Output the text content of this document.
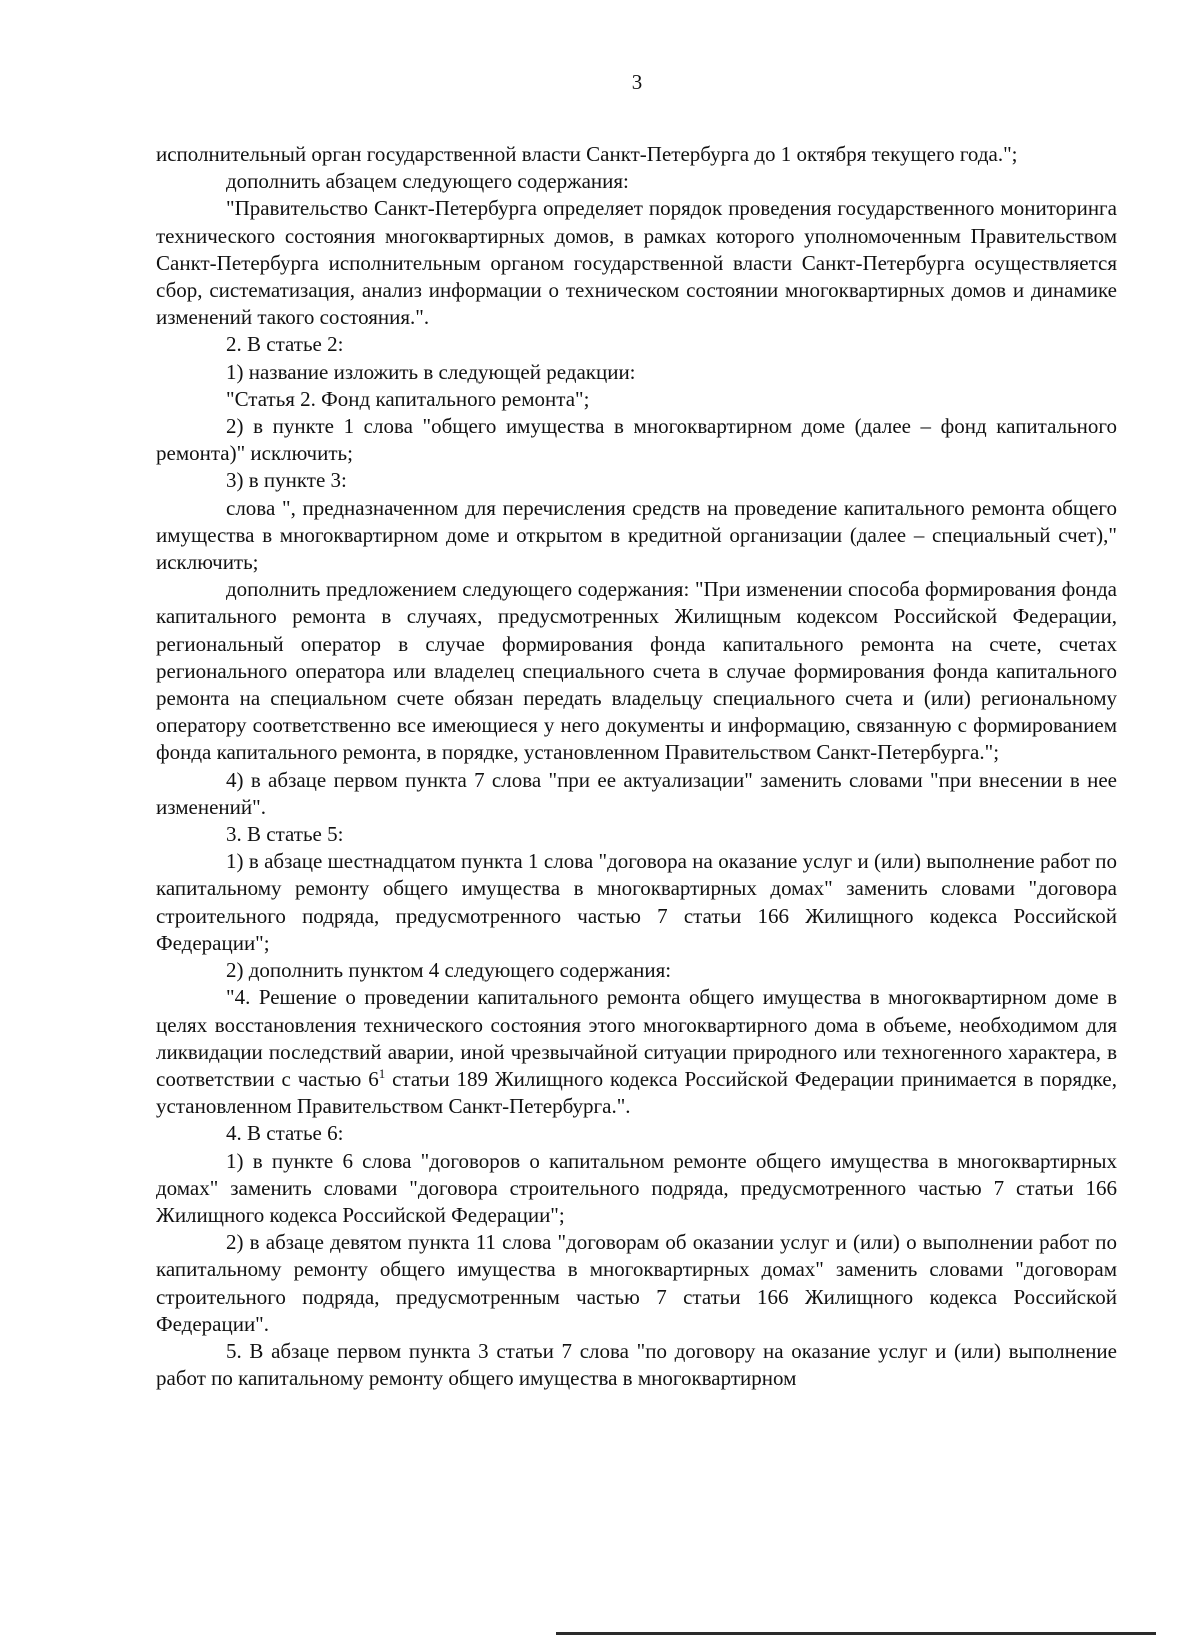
3

исполнительный орган государственной власти Санкт-Петербурга до 1 октября текущего года.";

дополнить абзацем следующего содержания:

"Правительство Санкт-Петербурга определяет порядок проведения государственного мониторинга технического состояния многоквартирных домов, в рамках которого уполномоченным Правительством Санкт-Петербурга исполнительным органом государственной власти Санкт-Петербурга осуществляется сбор, систематизация, анализ информации о техническом состоянии многоквартирных домов и динамике изменений такого состояния.".

2. В статье 2:

1) название изложить в следующей редакции:

"Статья 2. Фонд капитального ремонта";

2) в пункте 1 слова "общего имущества в многоквартирном доме (далее – фонд капитального ремонта)" исключить;

3) в пункте 3:

слова ", предназначенном для перечисления средств на проведение капитального ремонта общего имущества в многоквартирном доме и открытом в кредитной организации (далее – специальный счет)," исключить;

дополнить предложением следующего содержания: "При изменении способа формирования фонда капитального ремонта в случаях, предусмотренных Жилищным кодексом Российской Федерации, региональный оператор в случае формирования фонда капитального ремонта на счете, счетах регионального оператора или владелец специального счета в случае формирования фонда капитального ремонта на специальном счете обязан передать владельцу специального счета и (или) региональному оператору соответственно все имеющиеся у него документы и информацию, связанную с формированием фонда капитального ремонта, в порядке, установленном Правительством Санкт-Петербурга.";

4) в абзаце первом пункта 7 слова "при ее актуализации" заменить словами "при внесении в нее изменений".

3. В статье 5:

1) в абзаце шестнадцатом пункта 1 слова "договора на оказание услуг и (или) выполнение работ по капитальному ремонту общего имущества в многоквартирных домах" заменить словами "договора строительного подряда, предусмотренного частью 7 статьи 166 Жилищного кодекса Российской Федерации";

2) дополнить пунктом 4 следующего содержания:

"4. Решение о проведении капитального ремонта общего имущества в многоквартирном доме в целях восстановления технического состояния этого многоквартирного дома в объеме, необходимом для ликвидации последствий аварии, иной чрезвычайной ситуации природного или техногенного характера, в соответствии с частью $6^1$ статьи 189 Жилищного кодекса Российской Федерации принимается в порядке, установленном Правительством Санкт-Петербурга.".

4. В статье 6:

1) в пункте 6 слова "договоров о капитальном ремонте общего имущества в многоквартирных домах" заменить словами "договора строительного подряда, предусмотренного частью 7 статьи 166 Жилищного кодекса Российской Федерации";

2) в абзаце девятом пункта 11 слова "договорам об оказании услуг и (или) о выполнении работ по капитальному ремонту общего имущества в многоквартирных домах" заменить словами "договорам строительного подряда, предусмотренным частью 7 статьи 166 Жилищного кодекса Российской Федерации".

5. В абзаце первом пункта 3 статьи 7 слова "по договору на оказание услуг и (или) выполнение работ по капитальному ремонту общего имущества в многоквартирном
